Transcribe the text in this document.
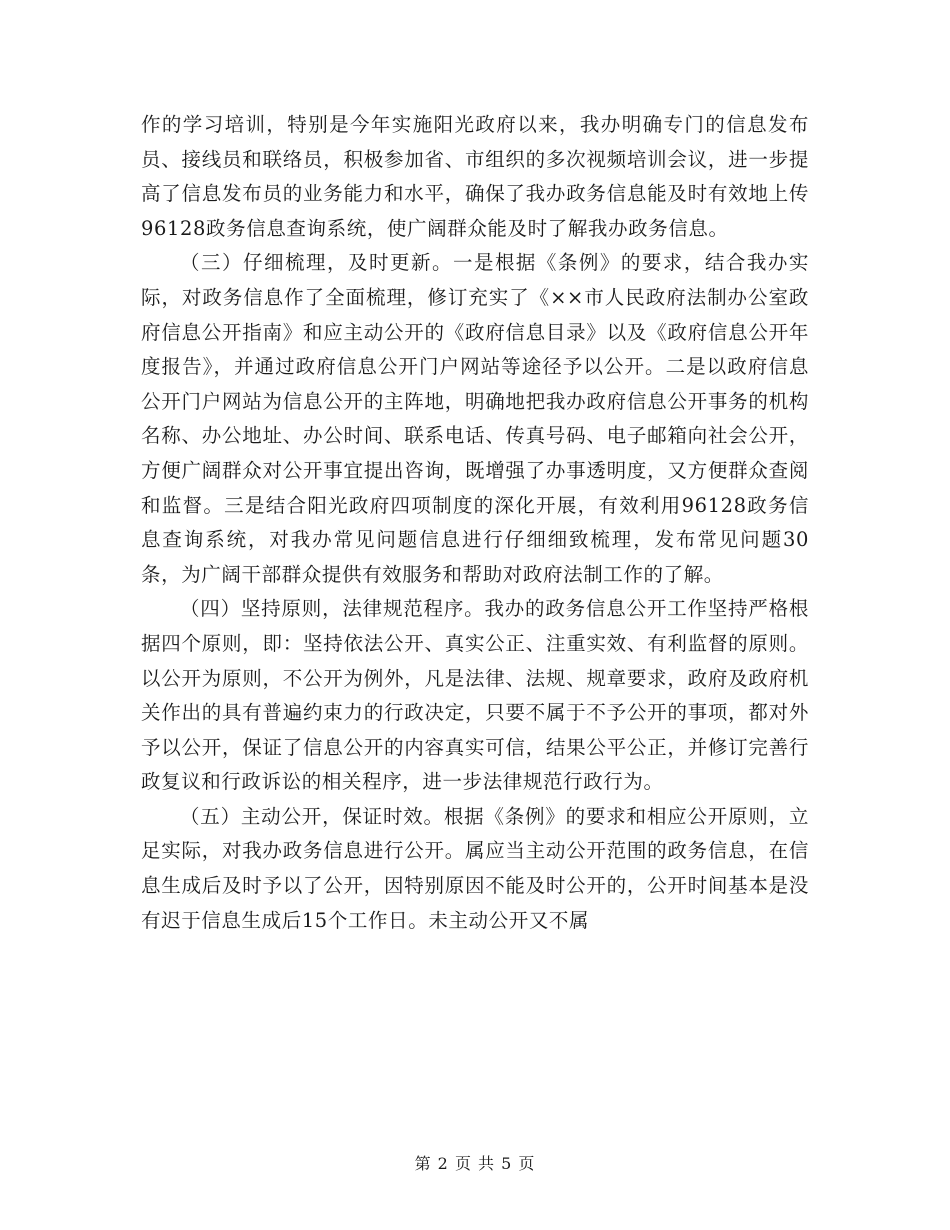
作的学习培训，特别是今年实施阳光政府以来，我办明确专门的信息发布员、接线员和联络员，积极参加省、市组织的多次视频培训会议，进一步提高了信息发布员的业务能力和水平，确保了我办政务信息能及时有效地上传96128政务信息查询系统，使广阔群众能及时了解我办政务信息。

（三）仔细梳理，及时更新。一是根据《条例》的要求，结合我办实际，对政务信息作了全面梳理，修订充实了《××市人民政府法制办公室政府信息公开指南》和应主动公开的《政府信息目录》以及《政府信息公开年度报告》，并通过政府信息公开门户网站等途径予以公开。二是以政府信息公开门户网站为信息公开的主阵地，明确地把我办政府信息公开事务的机构名称、办公地址、办公时间、联系电话、传真号码、电子邮箱向社会公开，方便广阔群众对公开事宜提出咨询，既增强了办事透明度，又方便群众查阅和监督。三是结合阳光政府四项制度的深化开展，有效利用96128政务信息查询系统，对我办常见问题信息进行仔细细致梳理，发布常见问题30条，为广阔干部群众提供有效服务和帮助对政府法制工作的了解。

（四）坚持原则，法律规范程序。我办的政务信息公开工作坚持严格根据四个原则，即：坚持依法公开、真实公正、注重实效、有利监督的原则。以公开为原则，不公开为例外，凡是法律、法规、规章要求，政府及政府机关作出的具有普遍约束力的行政决定，只要不属于不予公开的事项，都对外予以公开，保证了信息公开的内容真实可信，结果公平公正，并修订完善行政复议和行政诉讼的相关程序，进一步法律规范行政行为。

（五）主动公开，保证时效。根据《条例》的要求和相应公开原则，立足实际，对我办政务信息进行公开。属应当主动公开范围的政务信息，在信息生成后及时予以了公开，因特别原因不能及时公开的，公开时间基本是没有迟于信息生成后15个工作日。未主动公开又不属

第 2 页 共 5 页
